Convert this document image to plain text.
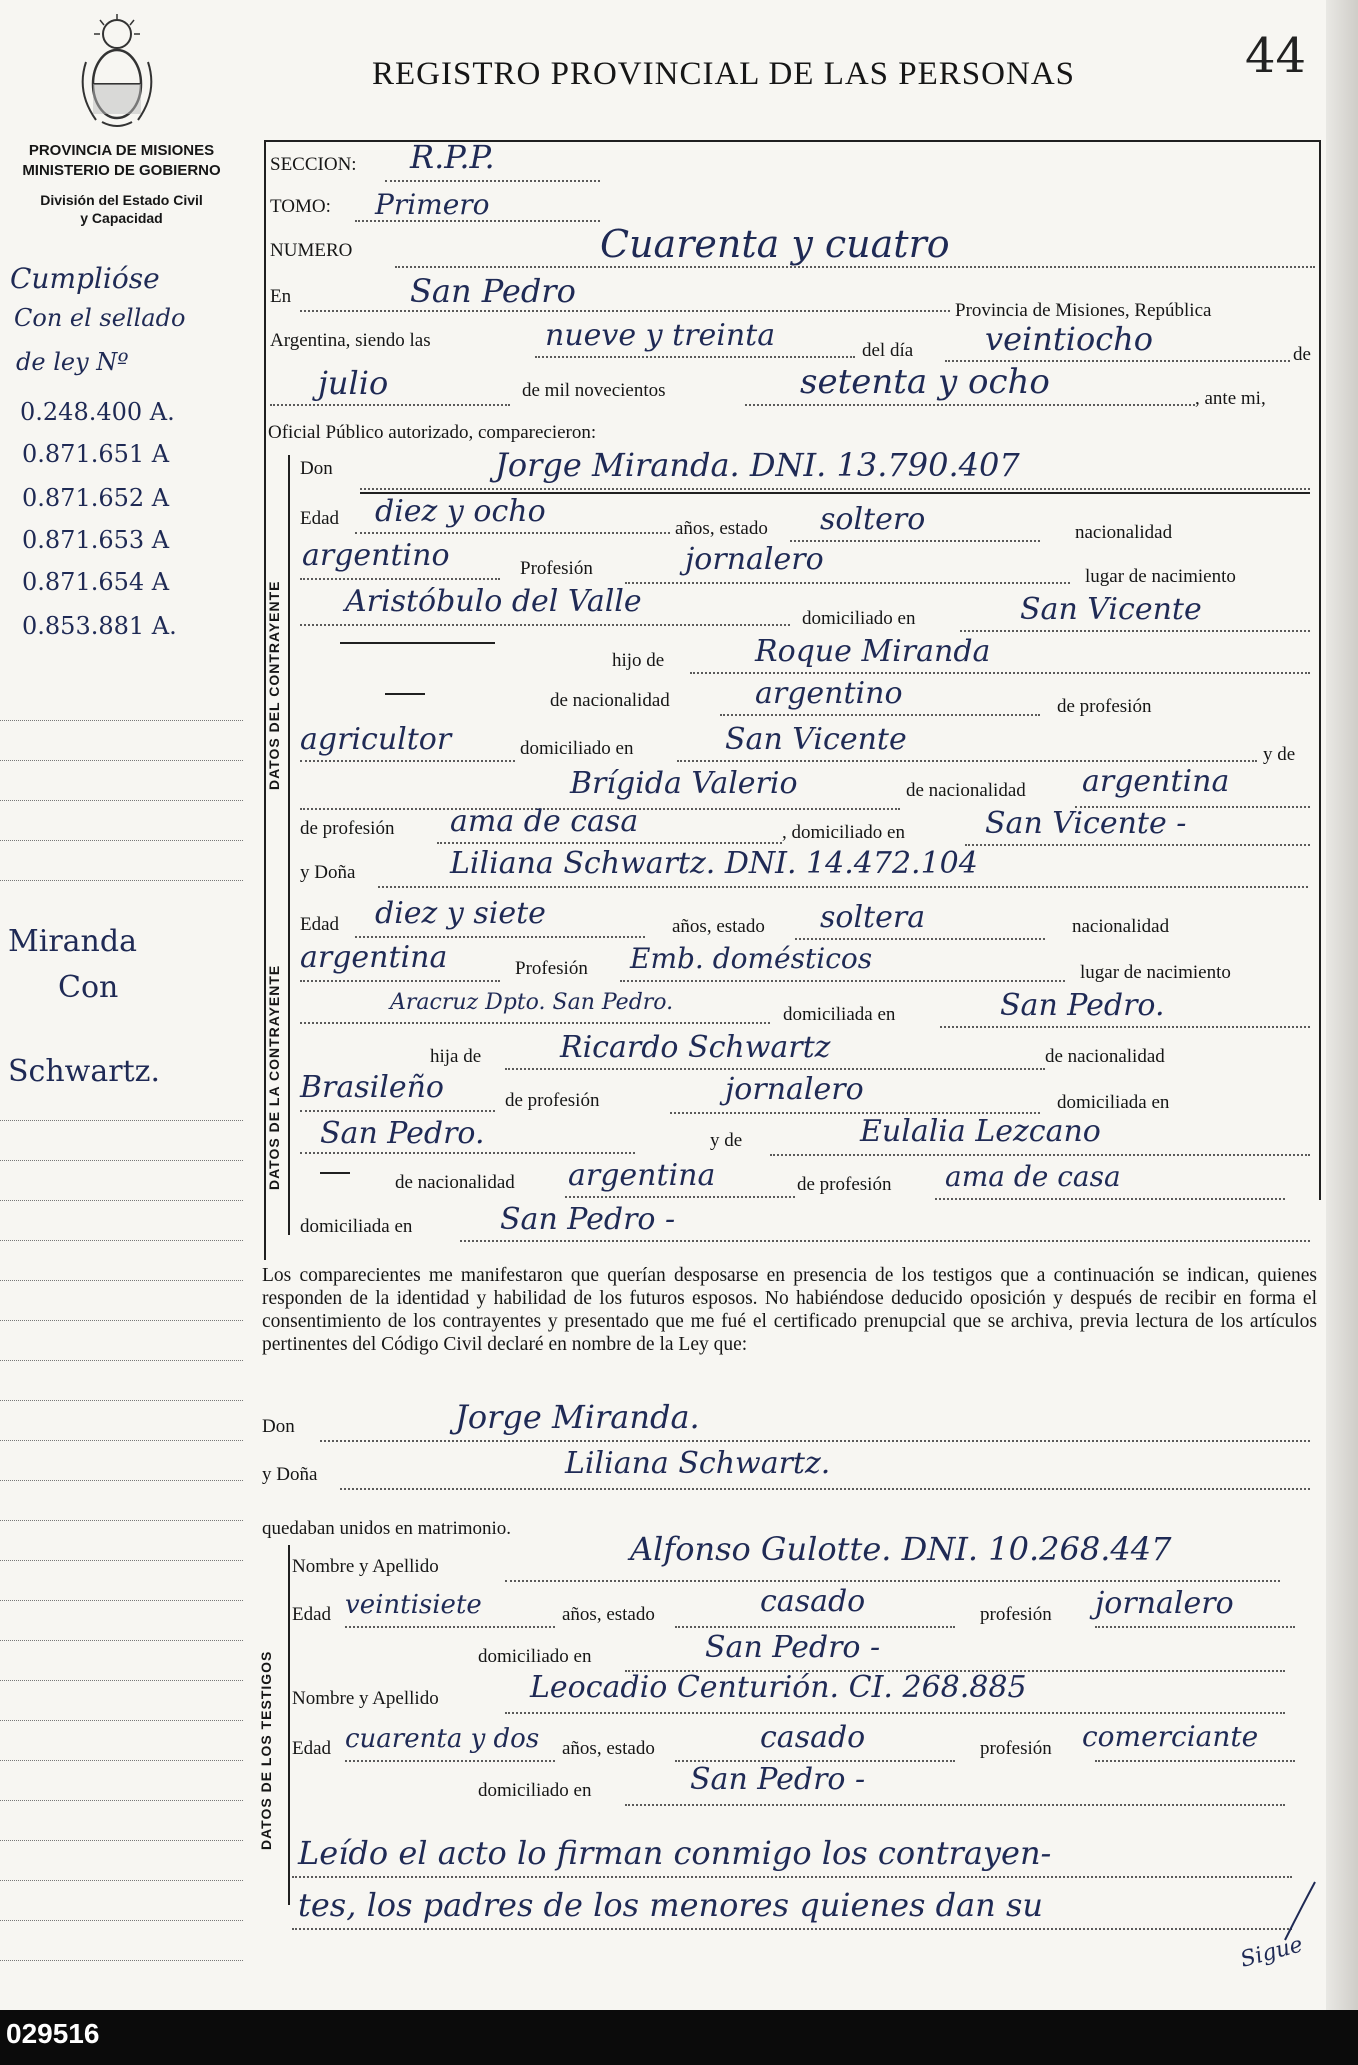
PROVINCIA DE MISIONES
MINISTERIO DE GOBIERNO
División del Estado Civil
y Capacidad
REGISTRO PROVINCIAL DE LAS PERSONAS	44
Cumplióse
Con el sellado
de ley Nº
0.248.400 A.
0.871.651 A
0.871.652 A
0.871.653 A
0.871.654 A
0.853.881 A.
Miranda
Con
Schwartz.
SECCION: R.P.P.
TOMO: Primero
NUMERO	Cuarenta y cuatro
En	San Pedro
Provincia de Misiones, República
Argentina, siendo las	nueve y treinta	del día veintiocho	de
julio	de mil novecientos	setenta y ocho	, ante mi,
Oficial Público autorizado, comparecieron:
DATOS DEL CONTRAYENTE
Don	Jorge Miranda. DNI. 13.790.407
Edad diez y ocho	años, estado soltero	nacionalidad
argentino	Profesión	jornalero	lugar de nacimiento
Aristóbulo del Valle	domiciliado en	San Vicente
hijo de	Roque Miranda
de nacionalidad	argentino	de profesión
agricultor	domiciliado en	San Vicente	y de
Brígida Valerio	de nacionalidad argentina
de profesión ama de casa	, domiciliado en	San Vicente -
DATOS DE LA CONTRAYENTE
y Doña	Liliana Schwartz. DNI. 14.472.104
Edad diez y siete	años, estado soltera	nacionalidad
argentina	Profesión Emb. domésticos	lugar de nacimiento
Aracruz Dpto. San Pedro.	domiciliada en	San Pedro.
hija de	Ricardo Schwartz	de nacionalidad
Brasileño	de profesión	jornalero	domiciliada en
San Pedro.	y de	Eulalia Lezcano
de nacionalidad argentina	de profesión ama de casa
domiciliada en	San Pedro -
Los comparecientes me manifestaron que querían desposarse en presencia de los testigos que a continuación se indican, quienes responden de la identidad y habilidad de los futuros esposos. No habiéndose deducido oposición y después de recibir en forma el consentimiento de los contrayentes y presentado que me fué el certificado prenupcial que se archiva, previa lectura de los artículos pertinentes del Código Civil declaré en nombre de la Ley que:
Don	Jorge Miranda.
y Doña	Liliana Schwartz.
quedaban unidos en matrimonio.
DATOS DE LOS TESTIGOS
Nombre y Apellido	Alfonso Gulotte. DNI. 10.268.447
Edad veintisiete	años, estado	casado	profesión jornalero
domiciliado en	San Pedro -
Nombre y Apellido	Leocadio Centurión. CI. 268.885
Edad cuarenta y dos años, estado	casado	profesión comerciante
domiciliado en	San Pedro -
Leído el acto lo firman conmigo los contrayen-
tes, los padres de los menores quienes dan su
Sigue
029516
